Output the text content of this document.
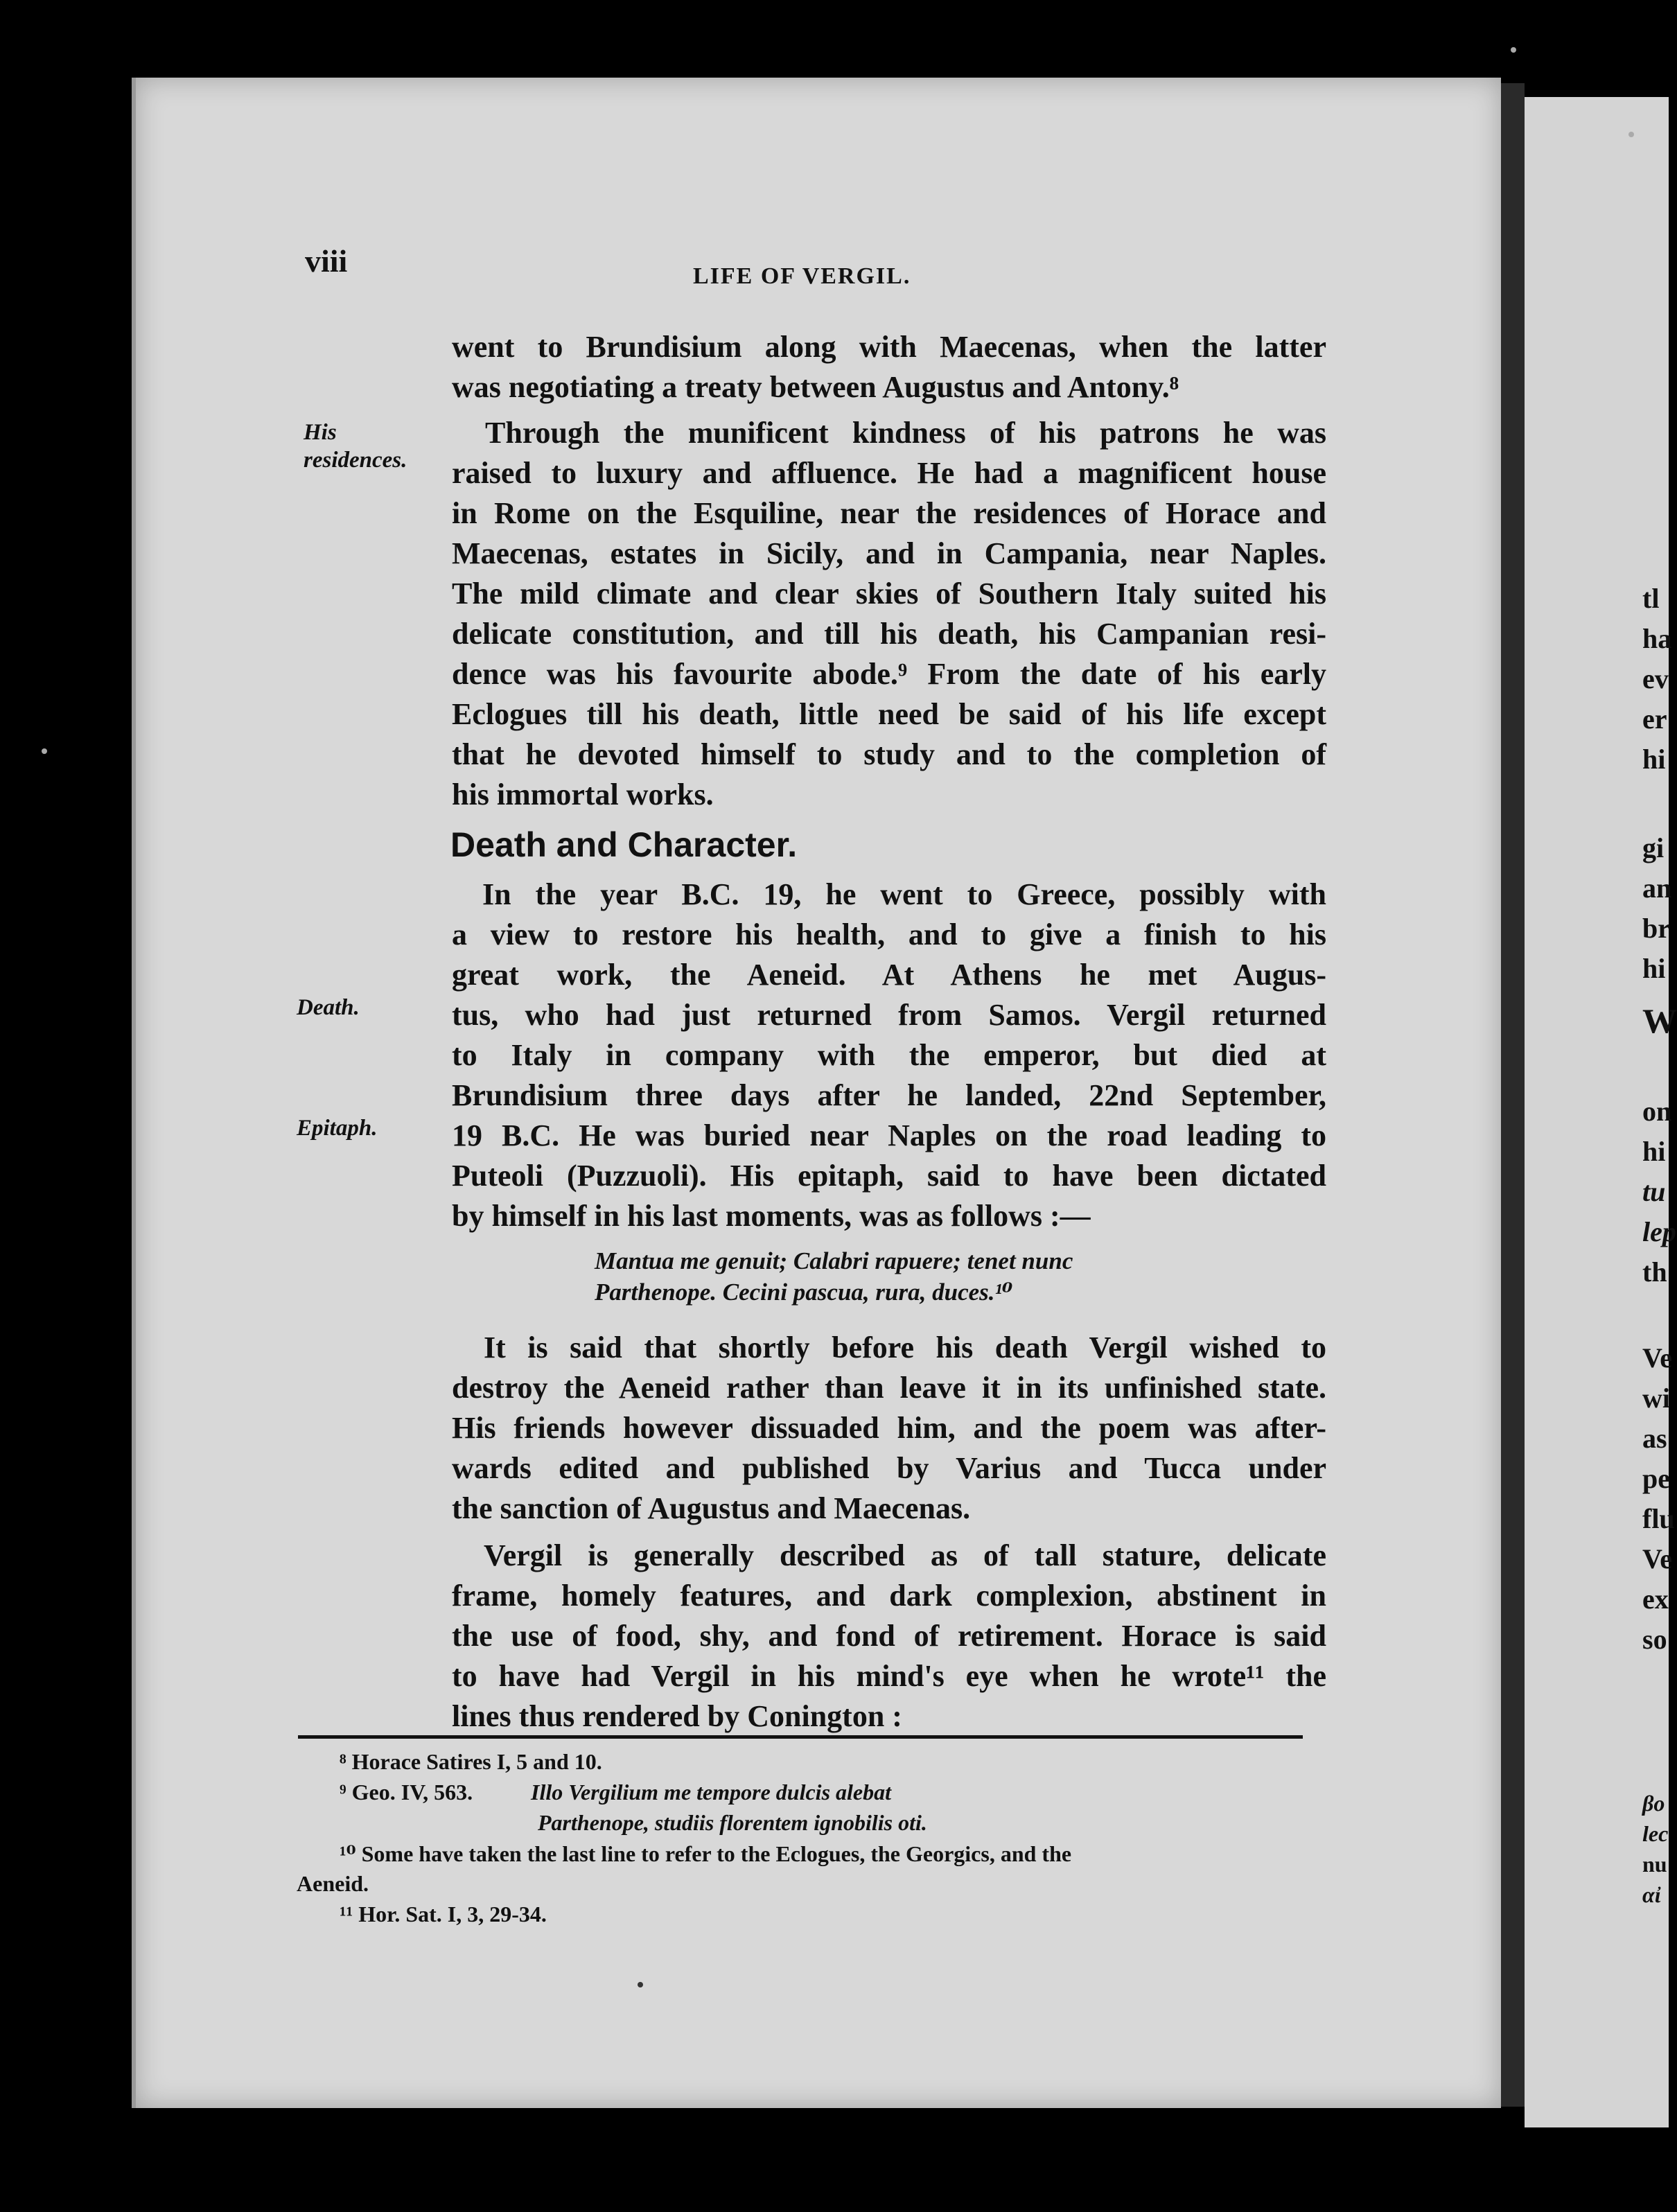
viii	LIFE OF VERGIL.
went to Brundisium along with Maecenas, when the latter
was negotiating a treaty between Augustus and Antony.⁸
His
residences.
Death.
Epitaph.
Through the munificent kindness of his patrons he was
raised to luxury and affluence. He had a magnificent house
in Rome on the Esquiline, near the residences of Horace and
Maecenas, estates in Sicily, and in Campania, near Naples.
The mild climate and clear skies of Southern Italy suited his
delicate constitution, and till his death, his Campanian resi-
dence was his favourite abode.⁹ From the date of his early
Eclogues till his death, little need be said of his life except
that he devoted himself to study and to the completion of
his immortal works.
Death and Character.
In the year B.C. 19, he went to Greece, possibly with
a view to restore his health, and to give a finish to his
great work, the Aeneid. At Athens he met Augus-
tus, who had just returned from Samos. Vergil returned
to Italy in company with the emperor, but died at
Brundisium three days after he landed, 22nd September,
19 B.C. He was buried near Naples on the road leading to
Puteoli (Puzzuoli). His epitaph, said to have been dictated
by himself in his last moments, was as follows :—
Mantua me genuit; Calabri rapuere; tenet nunc
Parthenope. Cecini pascua, rura, duces.¹⁰
It is said that shortly before his death Vergil wished to
destroy the Aeneid rather than leave it in its unfinished state.
His friends however dissuaded him, and the poem was after-
wards edited and published by Varius and Tucca under
the sanction of Augustus and Maecenas.
Vergil is generally described as of tall stature, delicate
frame, homely features, and dark complexion, abstinent in
the use of food, shy, and fond of retirement. Horace is said
to have had Vergil in his mind's eye when he wrote¹¹ the
lines thus rendered by Conington :
⁸ Horace Satires I, 5 and 10.
⁹ Geo. IV, 563.	Illo Vergilium me tempore dulcis alebat
Parthenope, studiis florentem ignobilis oti.
¹⁰ Some have taken the last line to refer to the Eclogues, the Georgics, and the
Aeneid.
¹¹ Hor. Sat. I, 3, 29-34.
tl
ha
ev
er
hi
gi
an
br
hi
W
on
hi
tu
lep
th
Ve
wi
as
pe
flu
Ve
ex
so
βο
lec
nu
αἰ
